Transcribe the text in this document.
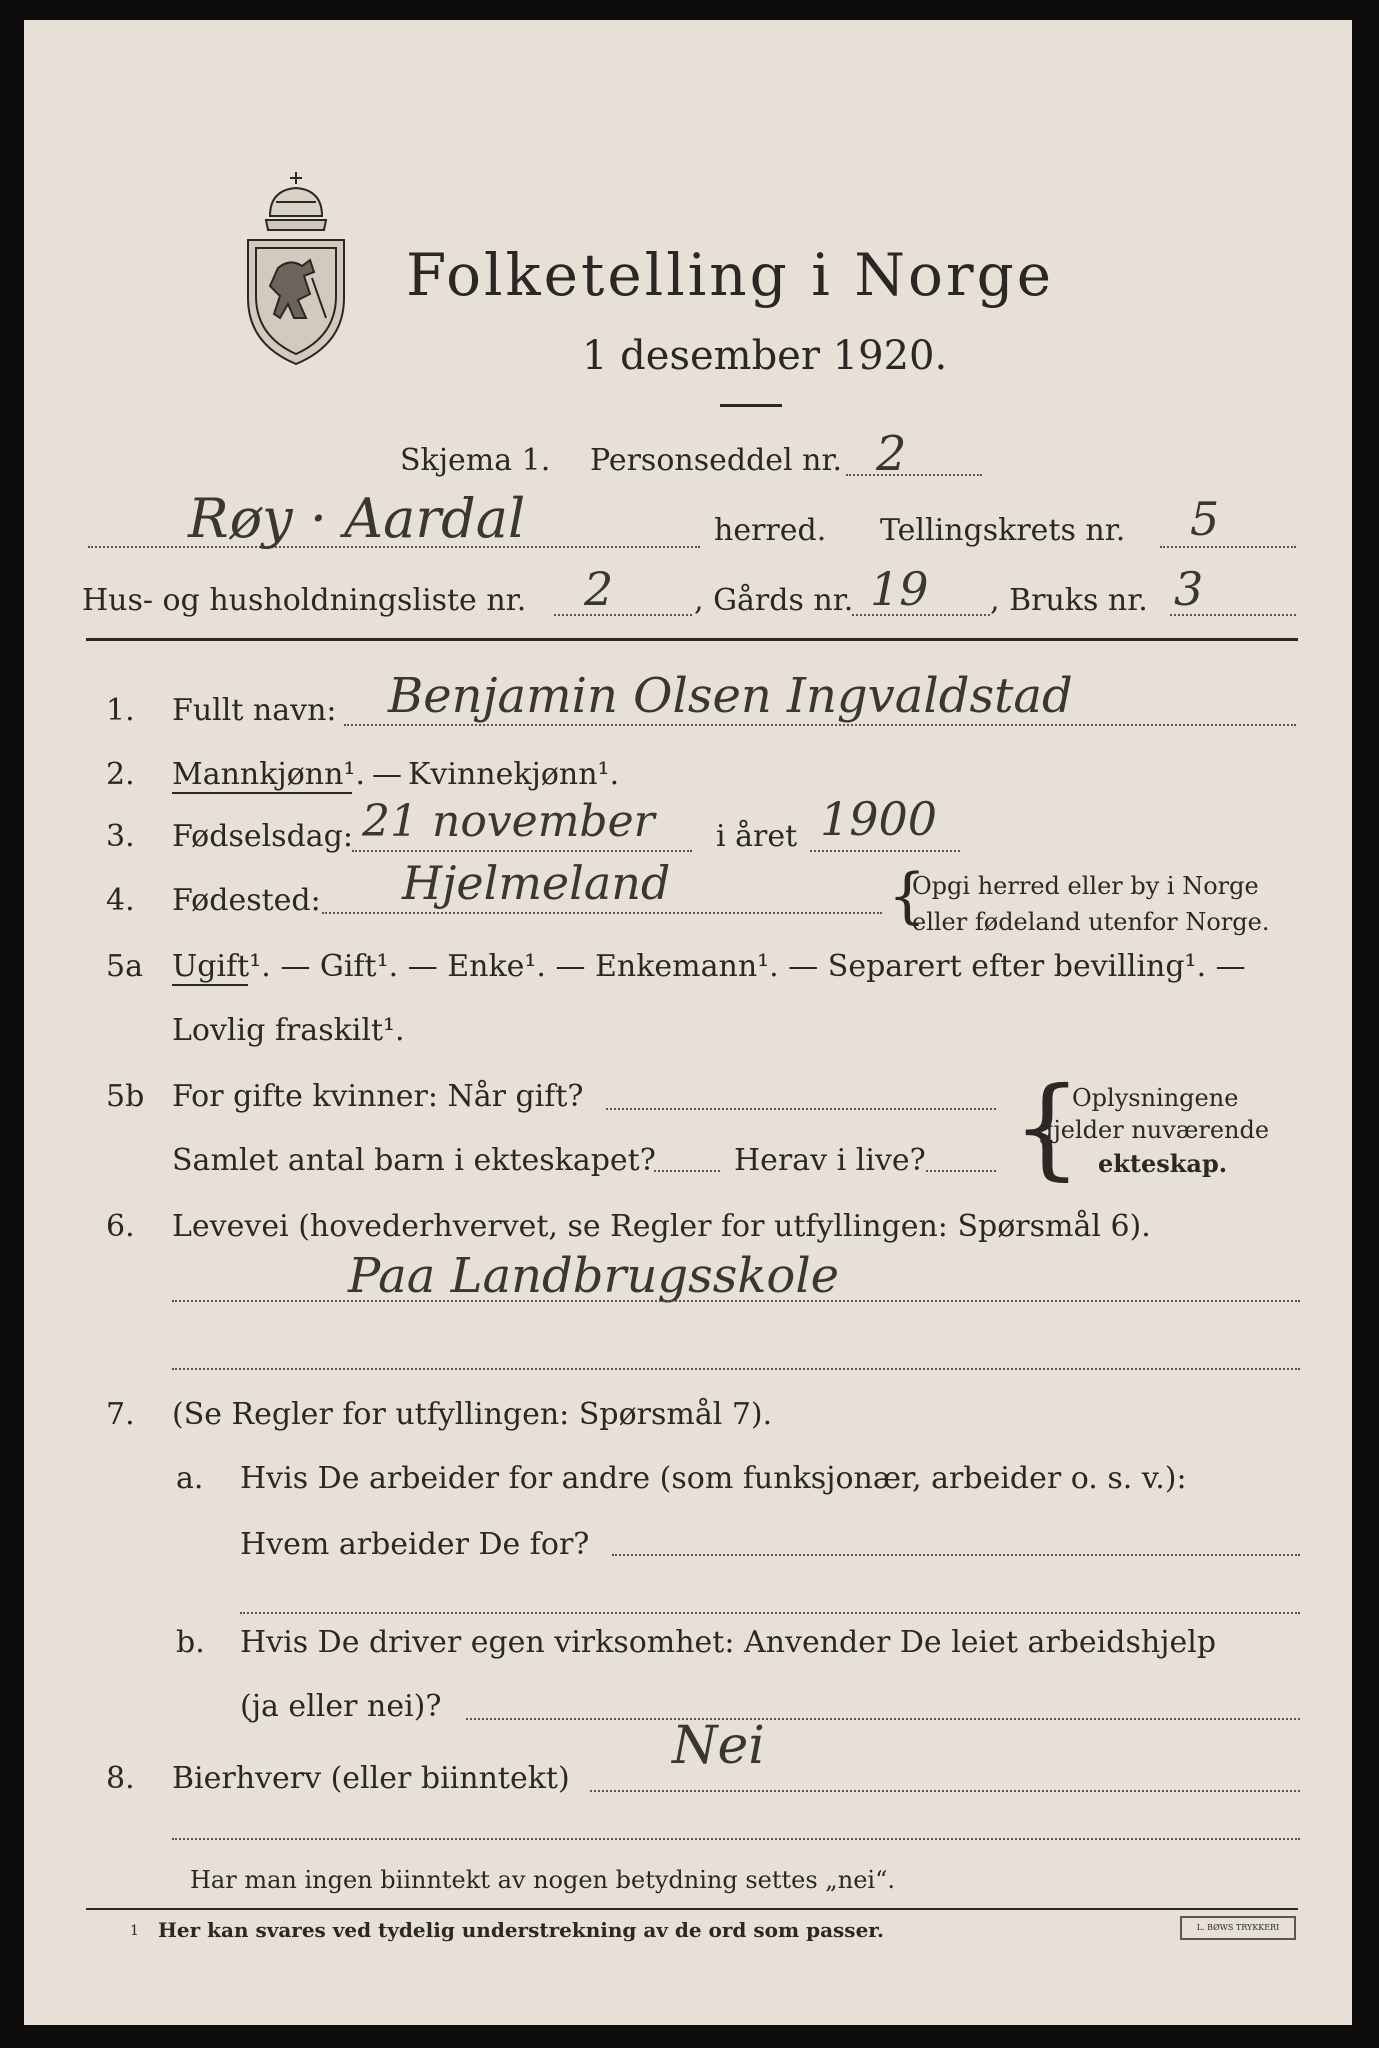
Folketelling i Norge
1 desember 1920.
Skjema 1. Personseddel nr. 2
Røy · Aardal	herred. Tellingskrets nr. 5
Hus- og husholdningsliste nr. 2	, Gårds nr. 19 , Bruks nr. 3
1. Fullt navn: Benjamin Olsen Ingvaldstad
2. Mannkjønn¹. — Kvinnekjønn¹.
3. Fødselsdag: 21 november i året 1900
4. Fødested: Hjelmeland	{
Opgi herred eller by i Norge
eller fødeland utenfor Norge.
5a Ugift¹. — Gift¹. — Enke¹. — Enkemann¹. — Separert efter bevilling¹. —
Lovlig fraskilt¹.
5b For gifte kvinner: Når gift?
Samlet antal barn i ekteskapet?	Herav i live? {
Oplysningene
gjelder nuværende
ekteskap.
6. Levevei (hovederhvervet, se Regler for utfyllingen: Spørsmål 6).
Paa Landbrugsskole
7. (Se Regler for utfyllingen: Spørsmål 7).
a. Hvis De arbeider for andre (som funksjonær, arbeider o. s. v.):
Hvem arbeider De for?
b. Hvis De driver egen virksomhet: Anvender De leiet arbeidshjelp
(ja eller nei)?
8. Bierhverv (eller biinntekt)
Nei
Har man ingen biinntekt av nogen betydning settes „nei“.
1 Her kan svares ved tydelig understrekning av de ord som passer.	L. BØWS TRYKKERI
